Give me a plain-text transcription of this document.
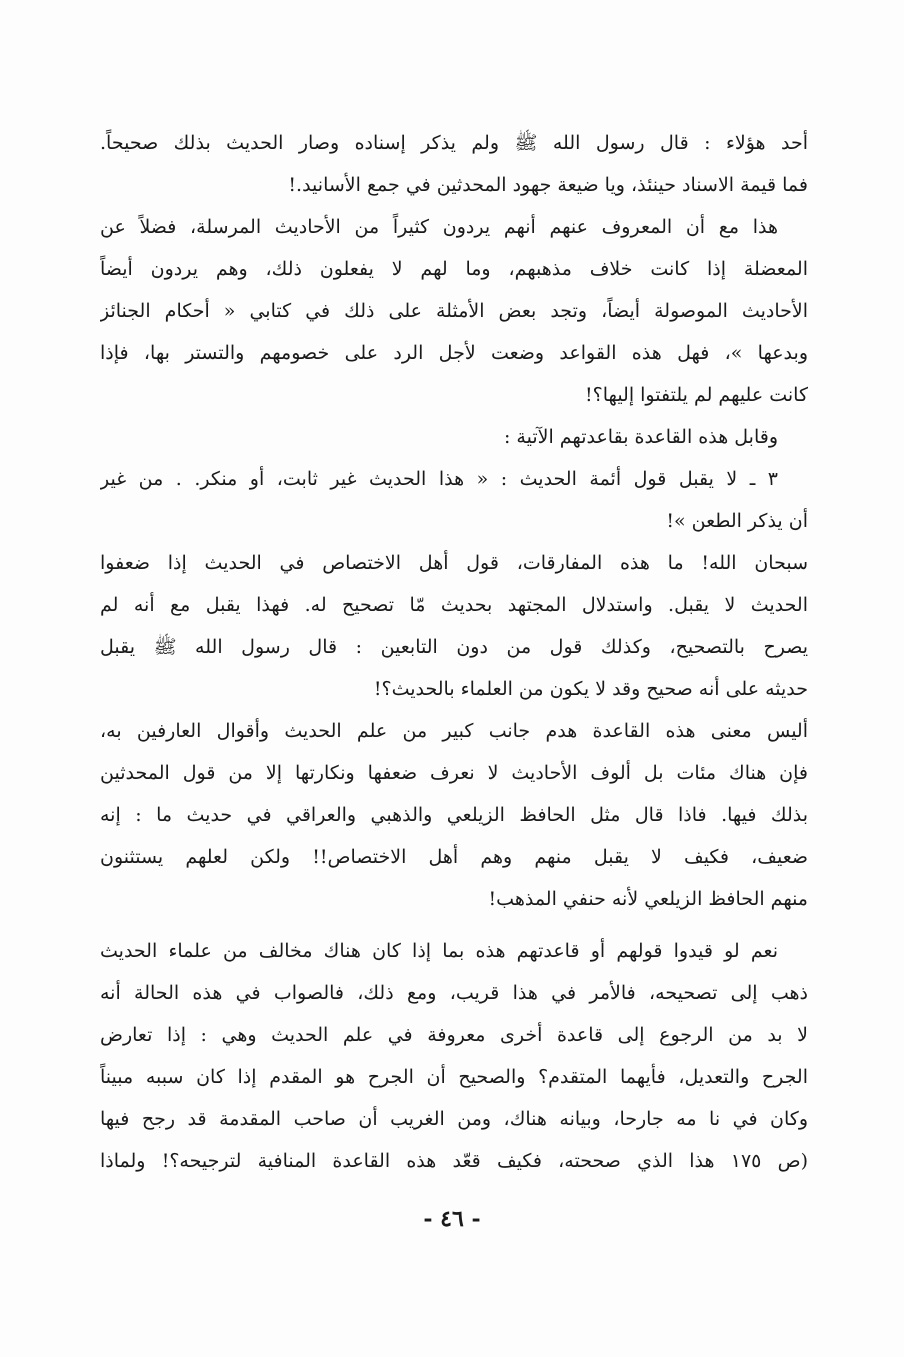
أحد هؤلاء : قال رسول الله ﷺ ولم يذكر إسناده وصار الحديث بذلك صحيحاً.
فما قيمة الاسناد حينئذ، ويا ضيعة جهود المحدثين في جمع الأسانيد.!
هذا مع أن المعروف عنهم أنهم يردون كثيراً من الأحاديث المرسلة، فضلاً عن
المعضلة إذا كانت خلاف مذهبهم، وما لهم لا يفعلون ذلك، وهم يردون أيضاً
الأحاديث الموصولة أيضاً، وتجد بعض الأمثلة على ذلك في كتابي « أحكام الجنائز
وبدعها »، فهل هذه القواعد وضعت لأجل الرد على خصومهم والتستر بها، فإذا
كانت عليهم لم يلتفتوا إليها؟!
وقابل هذه القاعدة بقاعدتهم الآتية :
٣ ـ لا يقبل قول أئمة الحديث : « هذا الحديث غير ثابت، أو منكر. . من غير
أن يذكر الطعن »!
سبحان الله! ما هذه المفارقات، قول أهل الاختصاص في الحديث إذا ضعفوا
الحديث لا يقبل. واستدلال المجتهد بحديث مّا تصحيح له. فهذا يقبل مع أنه لم
يصرح بالتصحيح، وكذلك قول من دون التابعين : قال رسول الله ﷺ يقبل
حديثه على أنه صحيح وقد لا يكون من العلماء بالحديث؟!
أليس معنى هذه القاعدة هدم جانب كبير من علم الحديث وأقوال العارفين به،
فإن هناك مئات بل ألوف الأحاديث لا نعرف ضعفها ونكارتها إلا من قول المحدثين
بذلك فيها. فاذا قال مثل الحافظ الزيلعي والذهبي والعراقي في حديث ما : إنه
ضعيف، فكيف لا يقبل منهم وهم أهل الاختصاص!! ولكن لعلهم يستثنون
منهم الحافظ الزيلعي لأنه حنفي المذهب!
نعم لو قيدوا قولهم أو قاعدتهم هذه بما إذا كان هناك مخالف من علماء الحديث
ذهب إلى تصحيحه، فالأمر في هذا قريب، ومع ذلك، فالصواب في هذه الحالة أنه
لا بد من الرجوع إلى قاعدة أخرى معروفة في علم الحديث وهي : إذا تعارض
الجرح والتعديل، فأيهما المتقدم؟ والصحيح أن الجرح هو المقدم إذا كان سببه مبيناً
وكان في نا مه جارحا، وبيانه هناك، ومن الغريب أن صاحب المقدمة قد رجح فيها
(ص ١٧٥ هذا الذي صححته، فكيف قعّد هذه القاعدة المنافية لترجيحه؟! ولماذا
- ٤٦ -
